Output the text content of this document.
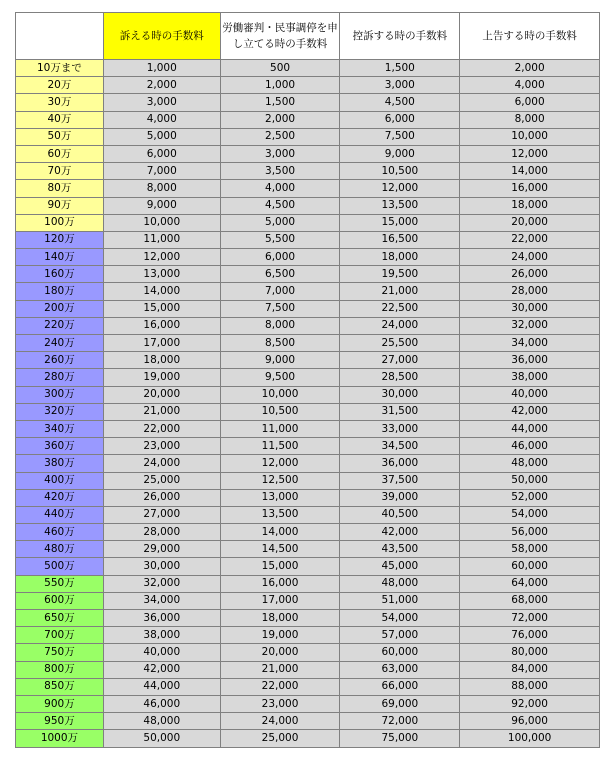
	訴える時の手数料	労働審判・民事調停を申し立てる時の手数料	控訴する時の手数料	上告する時の手数料
10万まで	1,000	500	1,500	2,000
20万	2,000	1,000	3,000	4,000
30万	3,000	1,500	4,500	6,000
40万	4,000	2,000	6,000	8,000
50万	5,000	2,500	7,500	10,000
60万	6,000	3,000	9,000	12,000
70万	7,000	3,500	10,500	14,000
80万	8,000	4,000	12,000	16,000
90万	9,000	4,500	13,500	18,000
100万	10,000	5,000	15,000	20,000
120万	11,000	5,500	16,500	22,000
140万	12,000	6,000	18,000	24,000
160万	13,000	6,500	19,500	26,000
180万	14,000	7,000	21,000	28,000
200万	15,000	7,500	22,500	30,000
220万	16,000	8,000	24,000	32,000
240万	17,000	8,500	25,500	34,000
260万	18,000	9,000	27,000	36,000
280万	19,000	9,500	28,500	38,000
300万	20,000	10,000	30,000	40,000
320万	21,000	10,500	31,500	42,000
340万	22,000	11,000	33,000	44,000
360万	23,000	11,500	34,500	46,000
380万	24,000	12,000	36,000	48,000
400万	25,000	12,500	37,500	50,000
420万	26,000	13,000	39,000	52,000
440万	27,000	13,500	40,500	54,000
460万	28,000	14,000	42,000	56,000
480万	29,000	14,500	43,500	58,000
500万	30,000	15,000	45,000	60,000
550万	32,000	16,000	48,000	64,000
600万	34,000	17,000	51,000	68,000
650万	36,000	18,000	54,000	72,000
700万	38,000	19,000	57,000	76,000
750万	40,000	20,000	60,000	80,000
800万	42,000	21,000	63,000	84,000
850万	44,000	22,000	66,000	88,000
900万	46,000	23,000	69,000	92,000
950万	48,000	24,000	72,000	96,000
1000万	50,000	25,000	75,000	100,000
